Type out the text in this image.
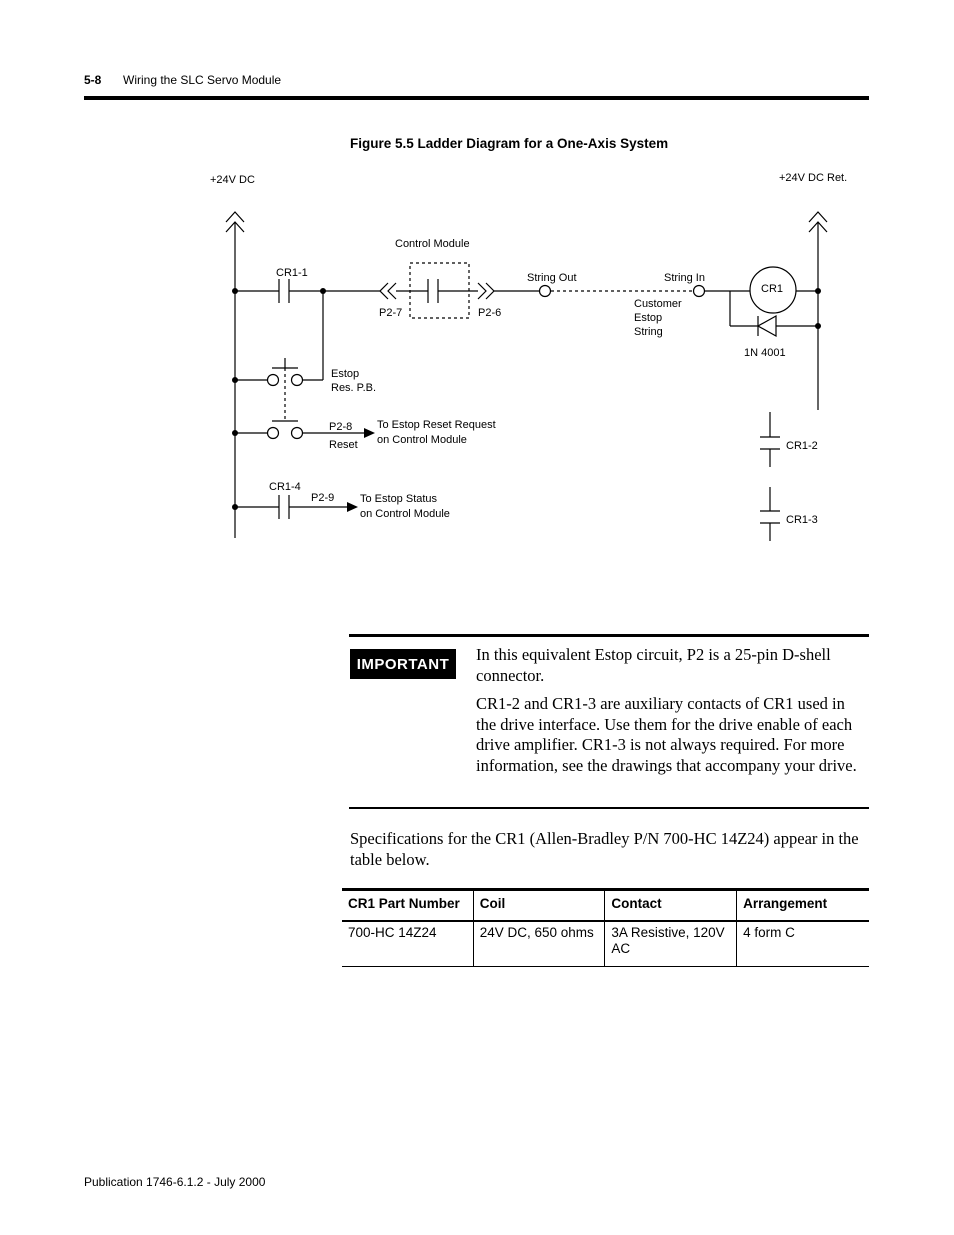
5-8 Wiring the SLC Servo Module
Figure 5.5 Ladder Diagram for a One-Axis System
+24V DC	+24V DC Ret.
Control Module
CR1-1
P2-7	P2-6
String Out	String In
Customer
Estop
String
CR1
1N 4001
Estop
Res. P.B.
P2-8
Reset
To Estop Reset Request
on Control Module
CR1-4
P2-9 To Estop Status
on Control Module
CR1-2
CR1-3
IMPORTANT	In this equivalent Estop circuit, P2 is a 25-pin D-shell connector.
CR1-2 and CR1-3 are auxiliary contacts of CR1 used in the drive interface. Use them for the drive enable of each drive amplifier. CR1-3 is not always required. For more information, see the drawings that accompany your drive.
Specifications for the CR1 (Allen-Bradley P/N 700-HC 14Z24) appear in the table below.
CR1 Part Number	Coil	Contact	Arrangement
700-HC 14Z24	24V DC, 650 ohms	3A Resistive, 120V AC	4 form C
Publication 1746-6.1.2 - July 2000
